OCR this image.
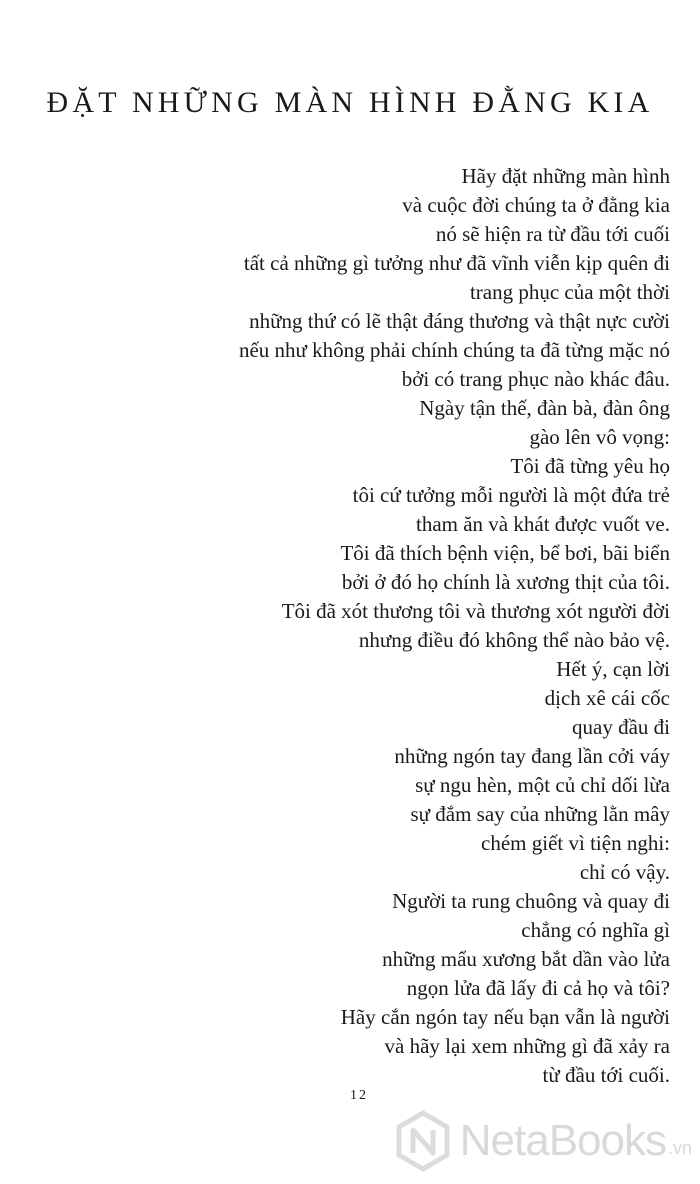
ĐẶT NHỮNG MÀN HÌNH ĐẰNG KIA
Hãy đặt những màn hình
và cuộc đời chúng ta ở đằng kia
nó sẽ hiện ra từ đầu tới cuối
tất cả những gì tưởng như đã vĩnh viễn kịp quên đi
trang phục của một thời
những thứ có lẽ thật đáng thương và thật nực cười
nếu như không phải chính chúng ta đã từng mặc nó
bởi có trang phục nào khác đâu.
Ngày tận thế, đàn bà, đàn ông
gào lên vô vọng:
Tôi đã từng yêu họ
tôi cứ tưởng mỗi người là một đứa trẻ
tham ăn và khát được vuốt ve.
Tôi đã thích bệnh viện, bể bơi, bãi biển
bởi ở đó họ chính là xương thịt của tôi.
Tôi đã xót thương tôi và thương xót người đời
nhưng điều đó không thể nào bảo vệ.
Hết ý, cạn lời
dịch xê cái cốc
quay đầu đi
những ngón tay đang lần cởi váy
sự ngu hèn, một củ chỉ dối lừa
sự đắm say của những lằn mây
chém giết vì tiện nghi:
chỉ có vậy.
Người ta rung chuông và quay đi
chẳng có nghĩa gì
những mẩu xương bắt dần vào lửa
ngọn lửa đã lấy đi cả họ và tôi?
Hãy cắn ngón tay nếu bạn vẫn là người
và hãy lại xem những gì đã xảy ra
từ đầu tới cuối.
12
NetaBooks .vn
